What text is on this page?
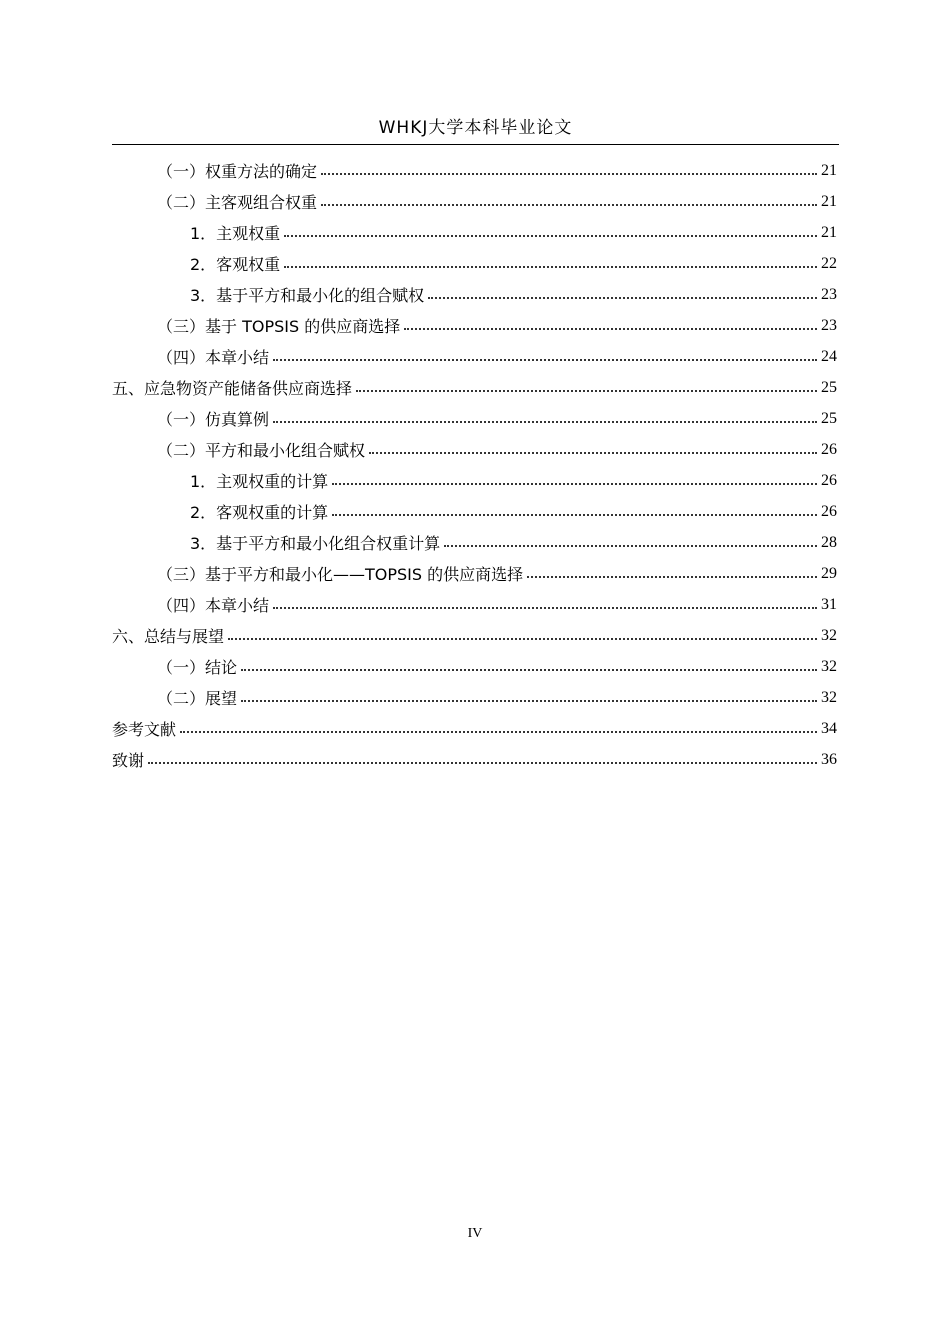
WHKJ大学本科毕业论文
（一）权重方法的确定	21
（二）主客观组合权重	21
1．主观权重	21
2．客观权重	22
3．基于平方和最小化的组合赋权	23
（三）基于 TOPSIS 的供应商选择	23
（四）本章小结	24
五、应急物资产能储备供应商选择	25
（一）仿真算例	25
（二）平方和最小化组合赋权	26
1．主观权重的计算	26
2．客观权重的计算	26
3．基于平方和最小化组合权重计算	28
（三）基于平方和最小化——TOPSIS 的供应商选择	29
（四）本章小结	31
六、总结与展望	32
（一）结论	32
（二）展望	32
参考文献	34
致谢	36
IV
